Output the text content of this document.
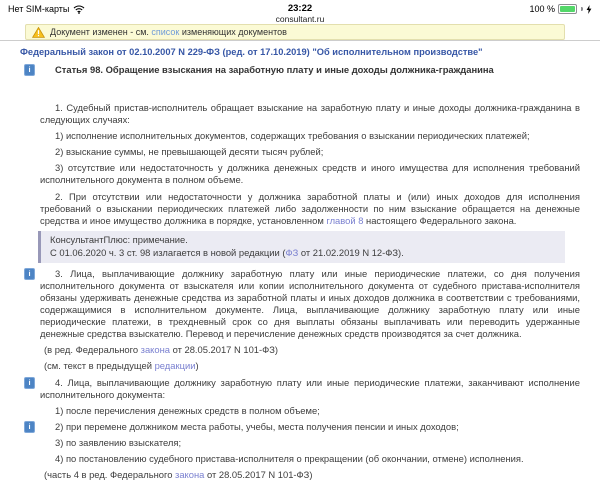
Нет SIM-карты	23:22
consultant.ru
100 %
Документ изменен - см. список изменяющих документов
Федеральный закон от 02.10.2007 N 229-ФЗ (ред. от 17.10.2019) "Об исполнительном производстве"
i	Статья 98. Обращение взыскания на заработную плату и иные доходы должника-гражданина
1. Судебный пристав-исполнитель обращает взыскание на заработную плату и иные доходы должника-гражданина в следующих случаях:
1) исполнение исполнительных документов, содержащих требования о взыскании периодических платежей;
2) взыскание суммы, не превышающей десяти тысяч рублей;
3) отсутствие или недостаточность у должника денежных средств и иного имущества для исполнения требований исполнительного документа в полном объеме.
2. При отсутствии или недостаточности у должника заработной платы и (или) иных доходов для исполнения требований о взыскании периодических платежей либо задолженности по ним взыскание обращается на денежные средства и иное имущество должника в порядке, установленном главой 8 настоящего Федерального закона.
КонсультантПлюс: примечание.
С 01.06.2020 ч. 3 ст. 98 излагается в новой редакции (ФЗ от 21.02.2019 N 12-ФЗ).
i	3. Лица, выплачивающие должнику заработную плату или иные периодические платежи, со дня получения исполнительного документа от взыскателя или копии исполнительного документа от судебного пристава-исполнителя обязаны удерживать денежные средства из заработной платы и иных доходов должника в соответствии с требованиями, содержащимися в исполнительном документе. Лица, выплачивающие должнику заработную плату или иные периодические платежи, в трехдневный срок со дня выплаты обязаны выплачивать или переводить удержанные денежные средства взыскателю. Перевод и перечисление денежных средств производятся за счет должника.
(в ред. Федерального закона от 28.05.2017 N 101-ФЗ)
(см. текст в предыдущей редакции)
i	4. Лица, выплачивающие должнику заработную плату или иные периодические платежи, заканчивают исполнение исполнительного документа:
1) после перечисления денежных средств в полном объеме;
i	2) при перемене должником места работы, учебы, места получения пенсии и иных доходов;
3) по заявлению взыскателя;
4) по постановлению судебного пристава-исполнителя о прекращении (об окончании, отмене) исполнения.
(часть 4 в ред. Федерального закона от 28.05.2017 N 101-ФЗ)
